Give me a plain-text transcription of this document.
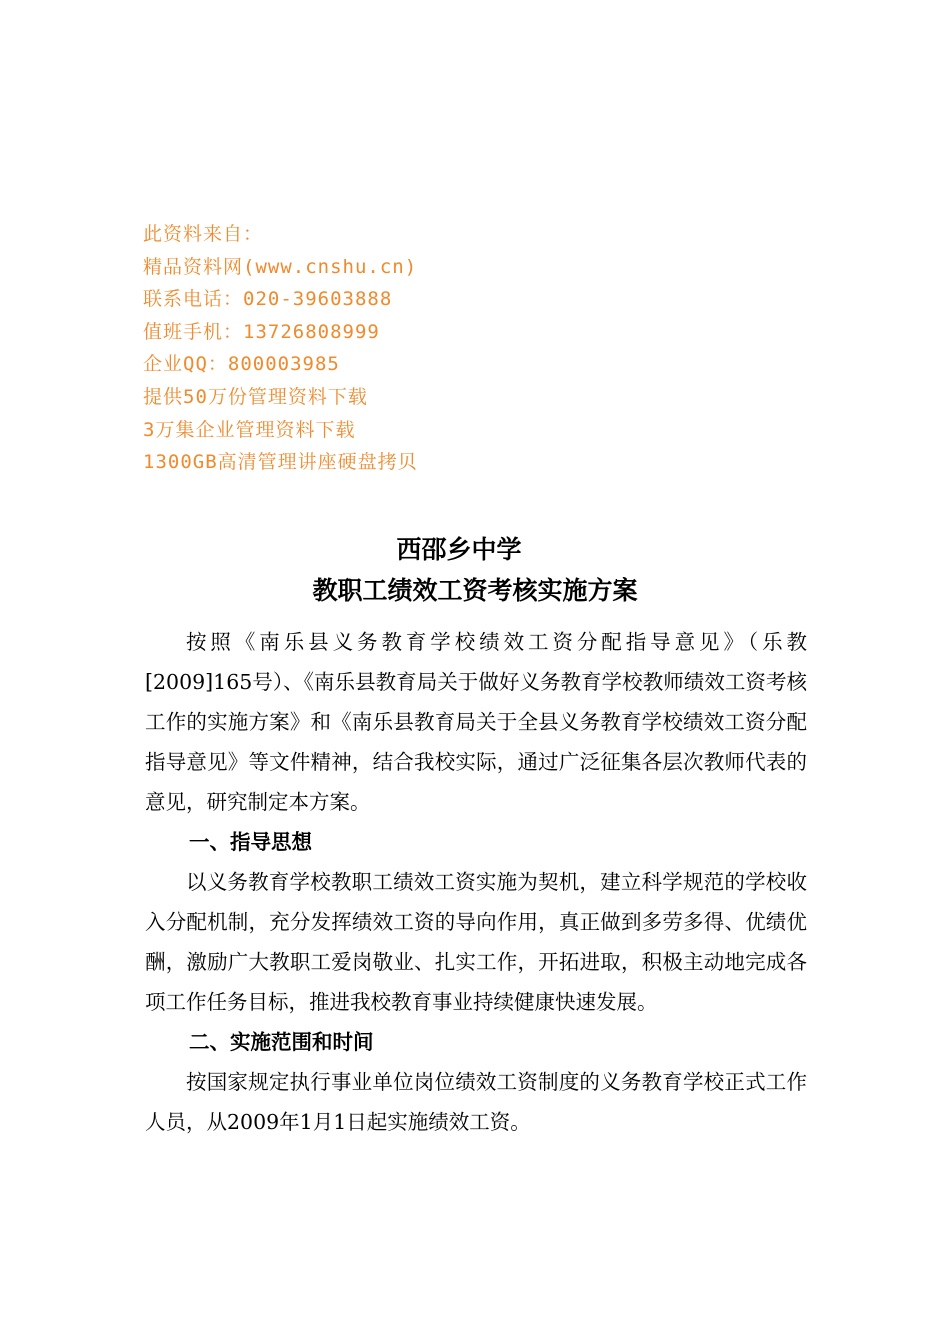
此资料来自：
精品资料网(www.cnshu.cn)
联系电话：020-39603888
值班手机：13726808999
企业QQ：800003985
提供50万份管理资料下载
3万集企业管理资料下载
1300GB高清管理讲座硬盘拷贝
西邵乡中学
教职工绩效工资考核实施方案

按照《南乐县义务教育学校绩效工资分配指导意见》（乐教[2009]165号）、《南乐县教育局关于做好义务教育学校教师绩效工资考核工作的实施方案》和《南乐县教育局关于全县义务教育学校绩效工资分配指导意见》等文件精神，结合我校实际，通过广泛征集各层次教师代表的意见，研究制定本方案。

一、指导思想

以义务教育学校教职工绩效工资实施为契机，建立科学规范的学校收入分配机制，充分发挥绩效工资的导向作用，真正做到多劳多得、优绩优酬，激励广大教职工爱岗敬业、扎实工作，开拓进取，积极主动地完成各项工作任务目标，推进我校教育事业持续健康快速发展。

二、实施范围和时间

按国家规定执行事业单位岗位绩效工资制度的义务教育学校正式工作人员，从2009年1月1日起实施绩效工资。
